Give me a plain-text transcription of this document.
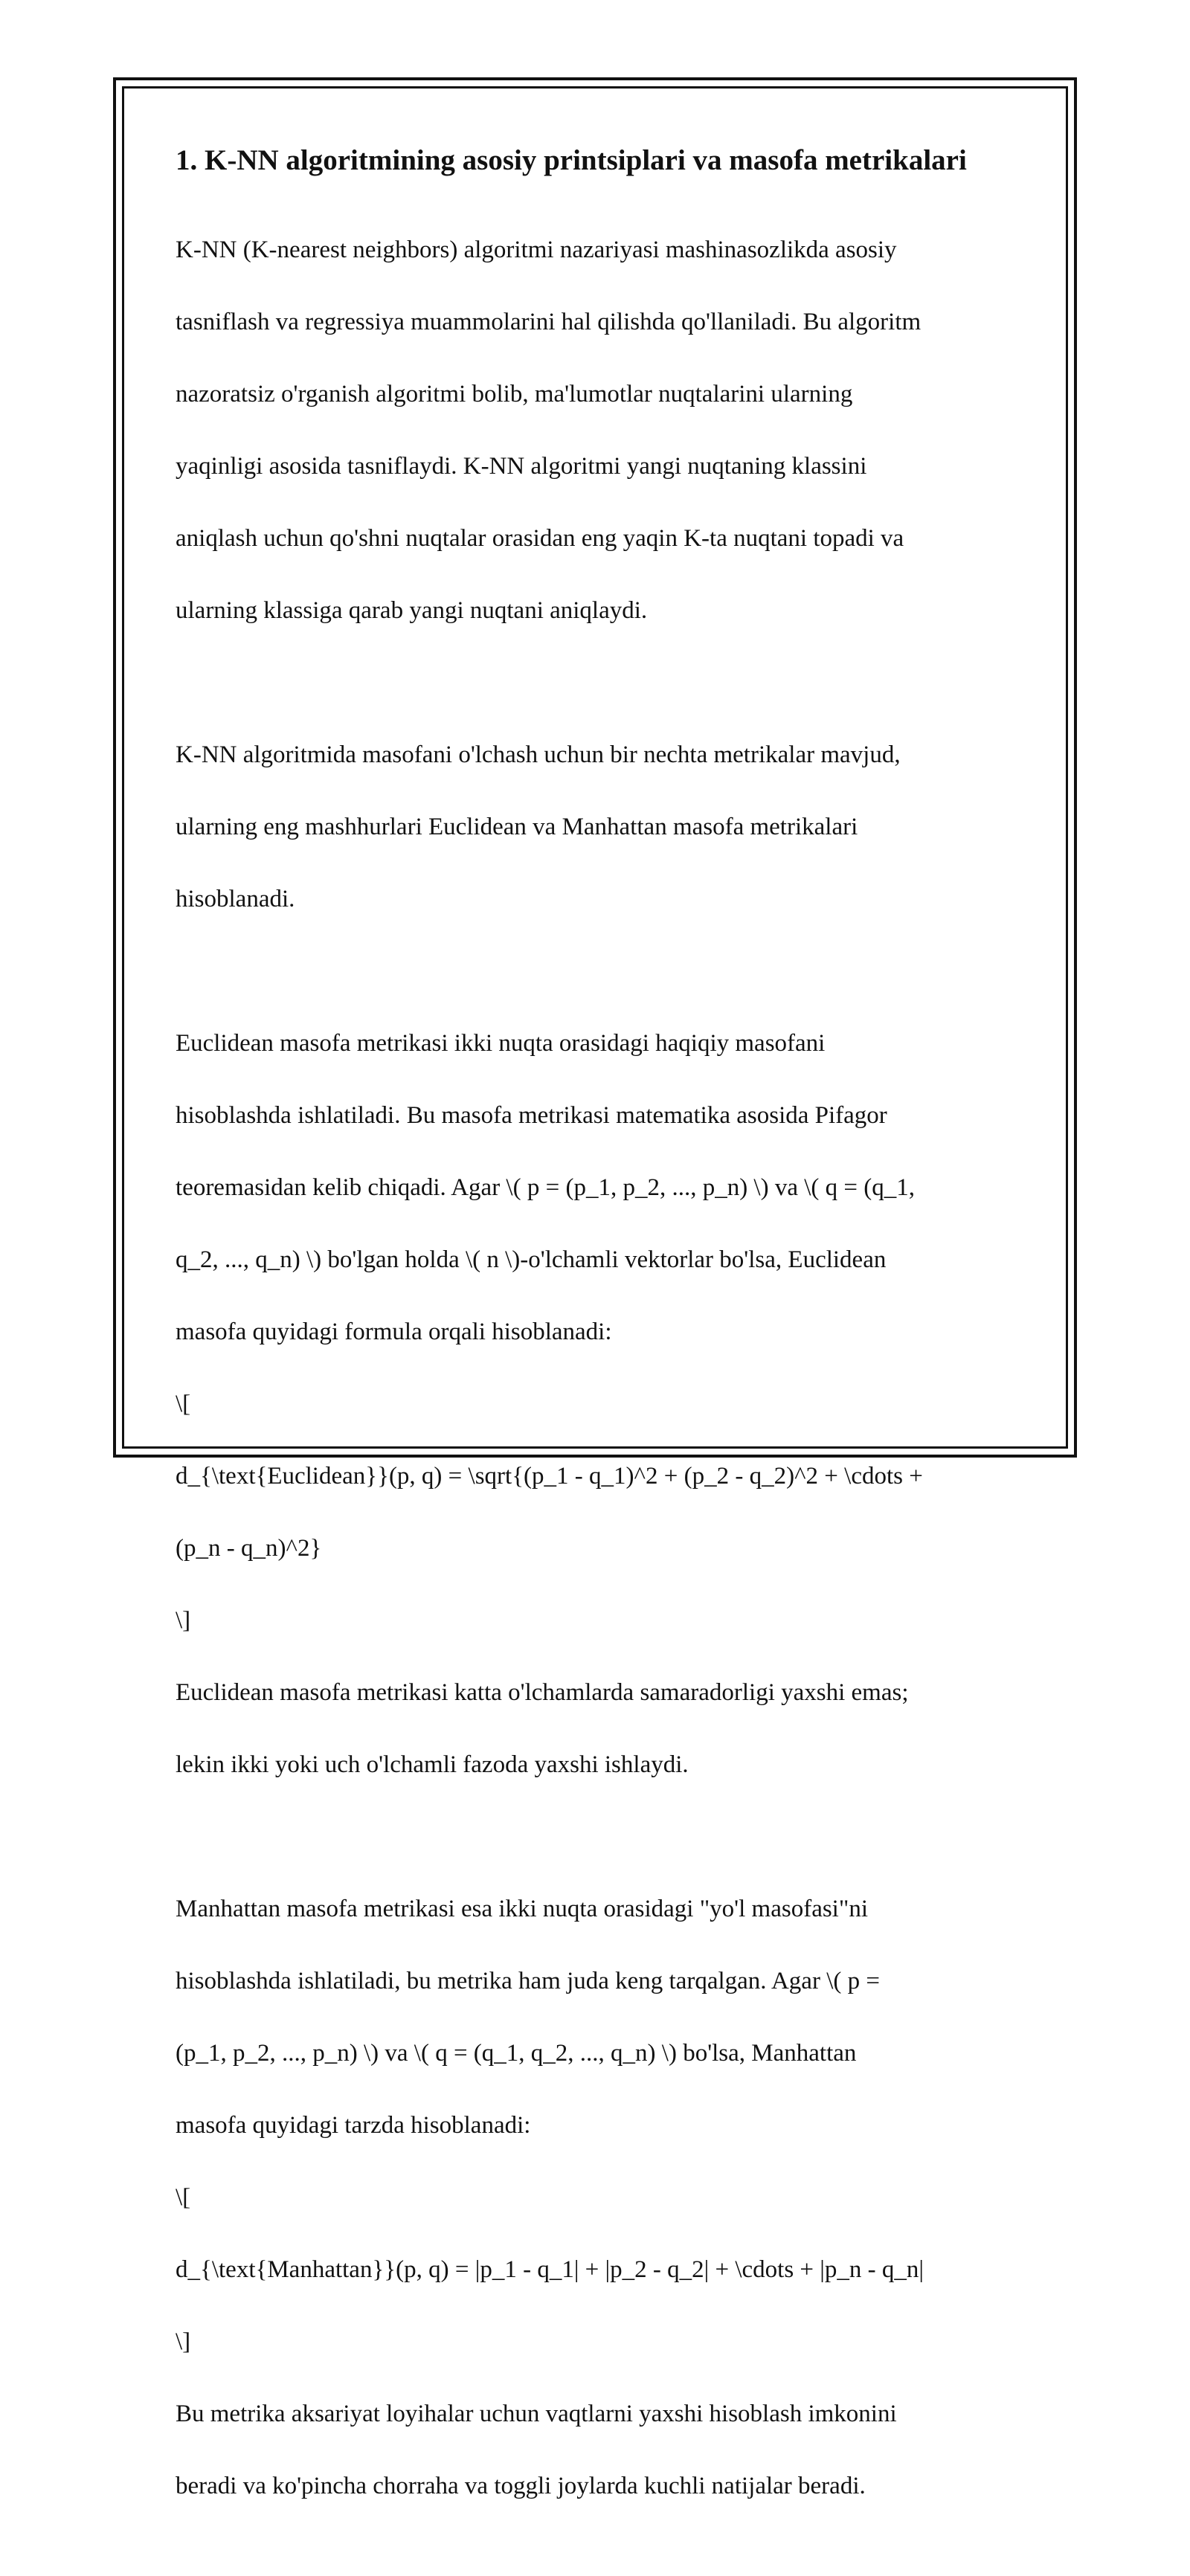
1. K-NN algoritmining asosiy printsiplari va masofa metrikalari

K-NN (K-nearest neighbors) algoritmi nazariyasi mashinasozlikda asosiy

tasniflash va regressiya muammolarini hal qilishda qo'llaniladi. Bu algoritm

nazoratsiz o'rganish algoritmi bolib, ma'lumotlar nuqtalarini ularning

yaqinligi asosida tasniflaydi. K-NN algoritmi yangi nuqtaning klassini

aniqlash uchun qo'shni nuqtalar orasidan eng yaqin K-ta nuqtani topadi va

ularning klassiga qarab yangi nuqtani aniqlaydi.

K-NN algoritmida masofani o'lchash uchun bir nechta metrikalar mavjud,

ularning eng mashhurlari Euclidean va Manhattan masofa metrikalari

hisoblanadi.

Euclidean masofa metrikasi ikki nuqta orasidagi haqiqiy masofani

hisoblashda ishlatiladi. Bu masofa metrikasi matematika asosida Pifagor

teoremasidan kelib chiqadi. Agar \( p = (p_1, p_2, ..., p_n) \) va \( q = (q_1,

q_2, ..., q_n) \) bo'lgan holda \( n \)-o'lchamli vektorlar bo'lsa, Euclidean

masofa quyidagi formula orqali hisoblanadi:

\[

d_{\text{Euclidean}}(p, q) = \sqrt{(p_1 - q_1)^2 + (p_2 - q_2)^2 + \cdots +

(p_n - q_n)^2}

\]

Euclidean masofa metrikasi katta o'lchamlarda samaradorligi yaxshi emas;

lekin ikki yoki uch o'lchamli fazoda yaxshi ishlaydi.

Manhattan masofa metrikasi esa ikki nuqta orasidagi "yo'l masofasi"ni

hisoblashda ishlatiladi, bu metrika ham juda keng tarqalgan. Agar \( p =

(p_1, p_2, ..., p_n) \) va \( q = (q_1, q_2, ..., q_n) \) bo'lsa, Manhattan

masofa quyidagi tarzda hisoblanadi:

\[

d_{\text{Manhattan}}(p, q) = |p_1 - q_1| + |p_2 - q_2| + \cdots + |p_n - q_n|

\]

Bu metrika aksariyat loyihalar uchun vaqtlarni yaxshi hisoblash imkonini

beradi va ko'pincha chorraha va toggli joylarda kuchli natijalar beradi.
